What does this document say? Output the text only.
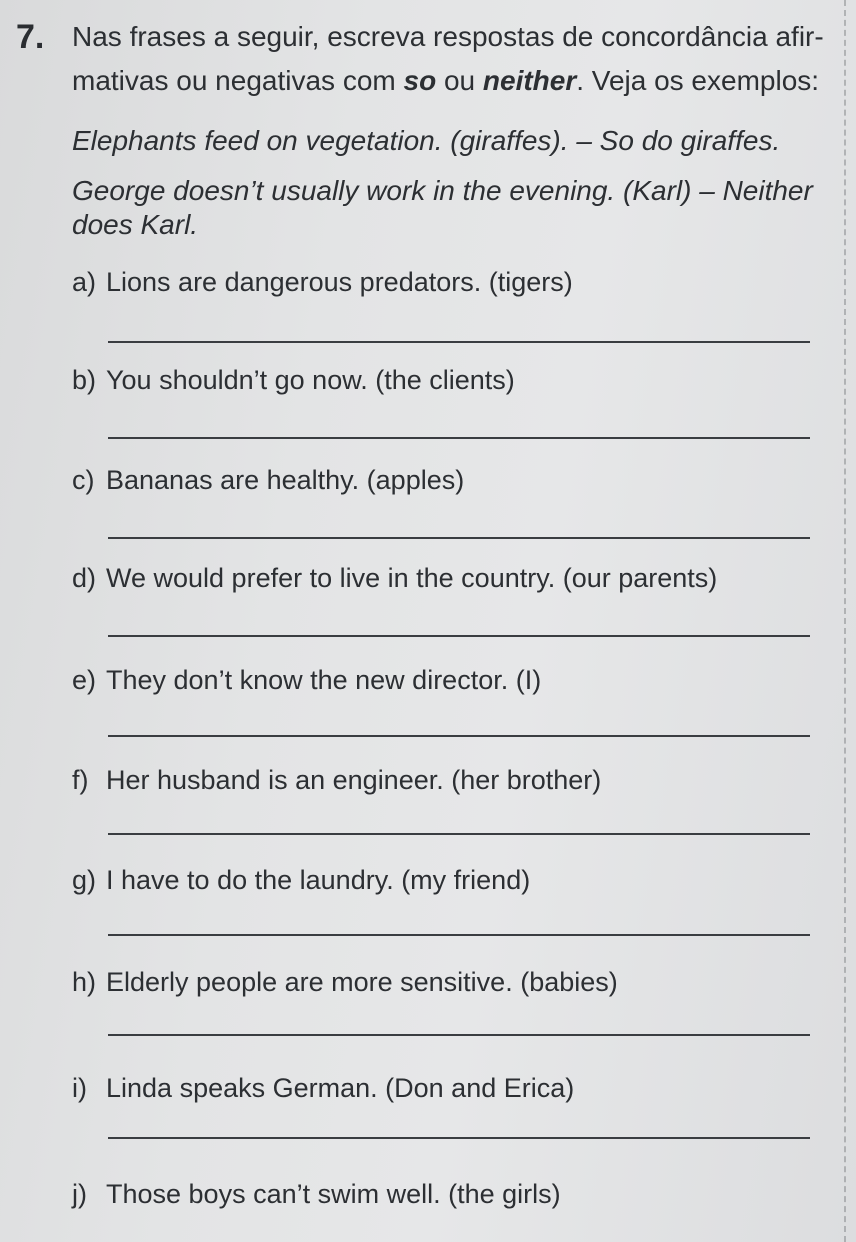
7. Nas frases a seguir, escreva respostas de concordância afir-
mativas ou negativas com so ou neither. Veja os exemplos:
Elephants feed on vegetation. (giraffes). – So do giraffes.
George doesn’t usually work in the evening. (Karl) – Neither
does Karl.
a) Lions are dangerous predators. (tigers)
b) You shouldn’t go now. (the clients)
c) Bananas are healthy. (apples)
d) We would prefer to live in the country. (our parents)
e) They don’t know the new director. (I)
f) Her husband is an engineer. (her brother)
g) I have to do the laundry. (my friend)
h) Elderly people are more sensitive. (babies)
i) Linda speaks German. (Don and Erica)
j) Those boys can’t swim well. (the girls)
